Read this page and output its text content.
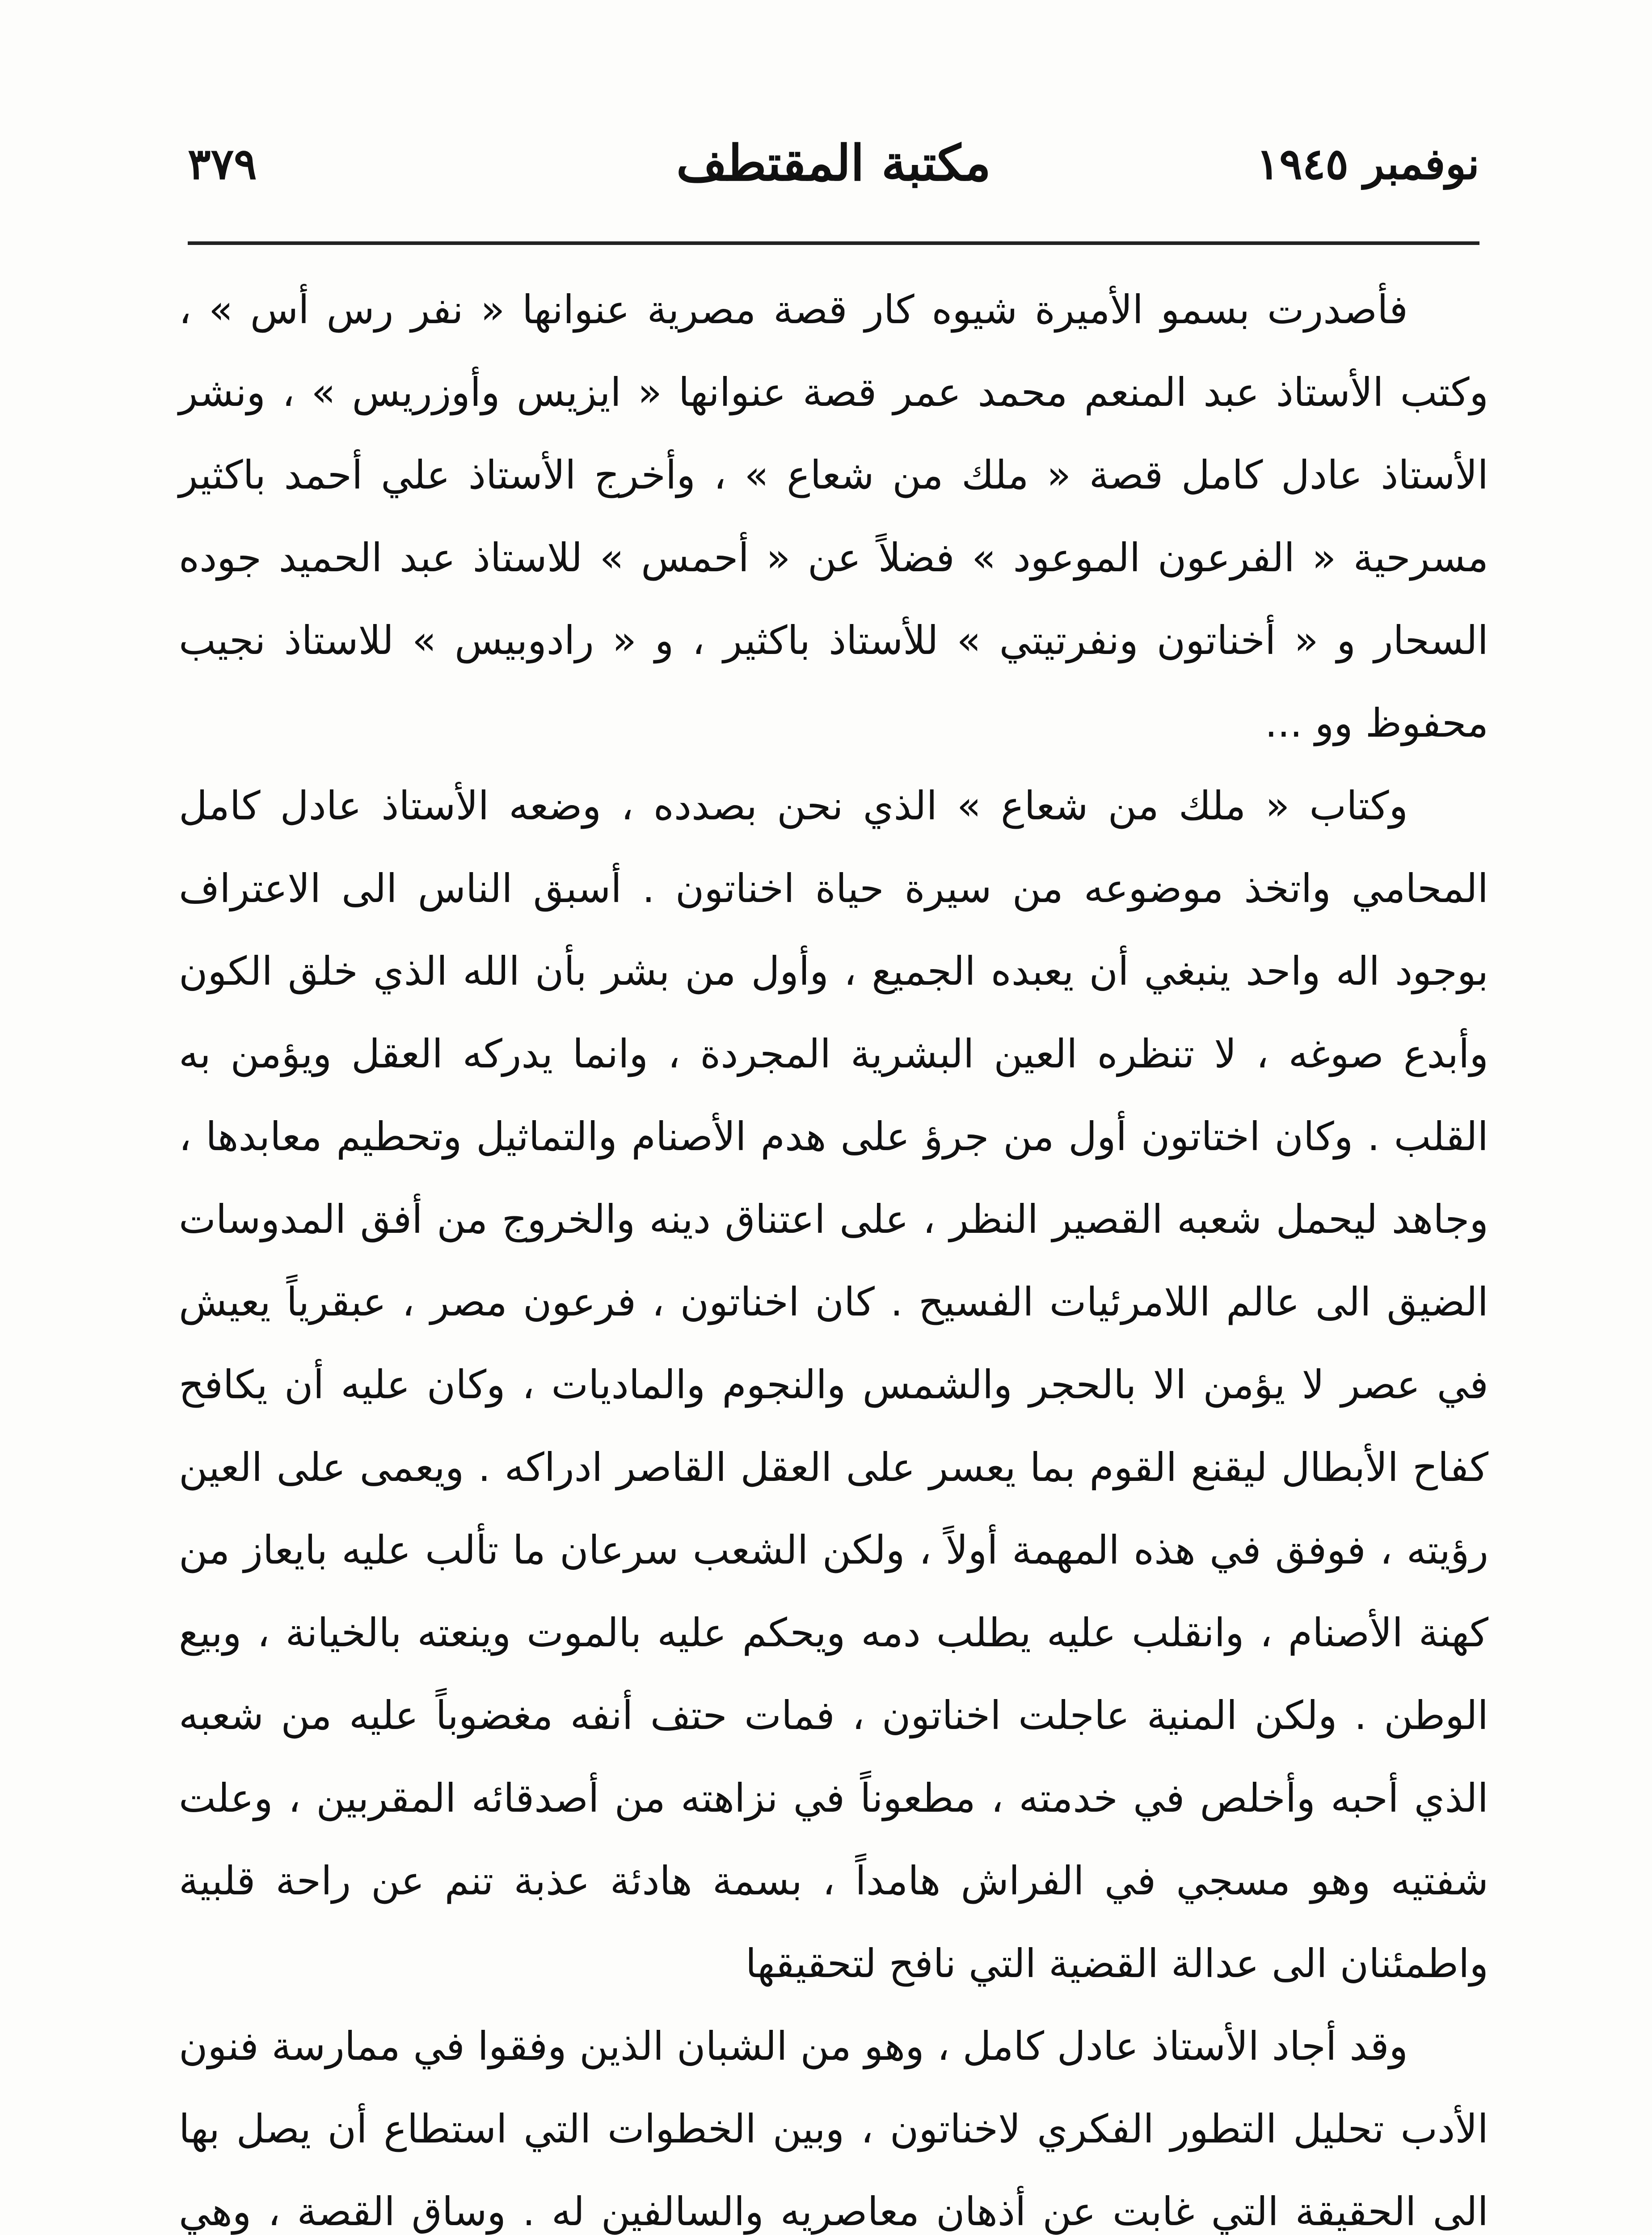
نوفمبر ١٩٤٥
مكتبة المقتطف
٣٧٩

فأصدرت بسمو الأميرة شيوه كار قصة مصرية عنوانها « نفر رس أس » ، وكتب الأستاذ عبد المنعم محمد عمر قصة عنوانها « ايزيس وأوزريس » ، ونشر الأستاذ عادل كامل قصة « ملك من شعاع » ، وأخرج الأستاذ علي أحمد باكثير مسرحية « الفرعون الموعود » فضلاً عن « أحمس » للاستاذ عبد الحميد جوده السحار و « أخناتون ونفرتيتي » للأستاذ باكثير ، و « رادوبيس » للاستاذ نجيب محفوظ وو ...

وكتاب « ملك من شعاع » الذي نحن بصدده ، وضعه الأستاذ عادل كامل المحامي واتخذ موضوعه من سيرة حياة اخناتون . أسبق الناس الى الاعتراف بوجود اله واحد ينبغي أن يعبده الجميع ، وأول من بشر بأن الله الذي خلق الكون وأبدع صوغه ، لا تنظره العين البشرية المجردة ، وانما يدركه العقل ويؤمن به القلب . وكان اختاتون أول من جرؤ على هدم الأصنام والتماثيل وتحطيم معابدها ، وجاهد ليحمل شعبه القصير النظر ، على اعتناق دينه والخروج من أفق المدوسات الضيق الى عالم اللامرئيات الفسيح . كان اخناتون ، فرعون مصر ، عبقرياً يعيش في عصر لا يؤمن الا بالحجر والشمس والنجوم والماديات ، وكان عليه أن يكافح كفاح الأبطال ليقنع القوم بما يعسر على العقل القاصر ادراكه . ويعمى على العين رؤيته ، فوفق في هذه المهمة أولاً ، ولكن الشعب سرعان ما تألب عليه بايعاز من كهنة الأصنام ، وانقلب عليه يطلب دمه ويحكم عليه بالموت وينعته بالخيانة ، وبيع الوطن . ولكن المنية عاجلت اخناتون ، فمات حتف أنفه مغضوباً عليه من شعبه الذي أحبه وأخلص في خدمته ، مطعوناً في نزاهته من أصدقائه المقربين ، وعلت شفتيه وهو مسجي في الفراش هامداً ، بسمة هادئة عذبة تنم عن راحة قلبية واطمئنان الى عدالة القضية التي نافح لتحقيقها

وقد أجاد الأستاذ عادل كامل ، وهو من الشبان الذين وفقوا في ممارسة فنون الأدب تحليل التطور الفكري لاخناتون ، وبين الخطوات التي استطاع أن يصل بها الى الحقيقة التي غابت عن أذهان معاصريه والسالفين له . وساق القصة ، وهي
